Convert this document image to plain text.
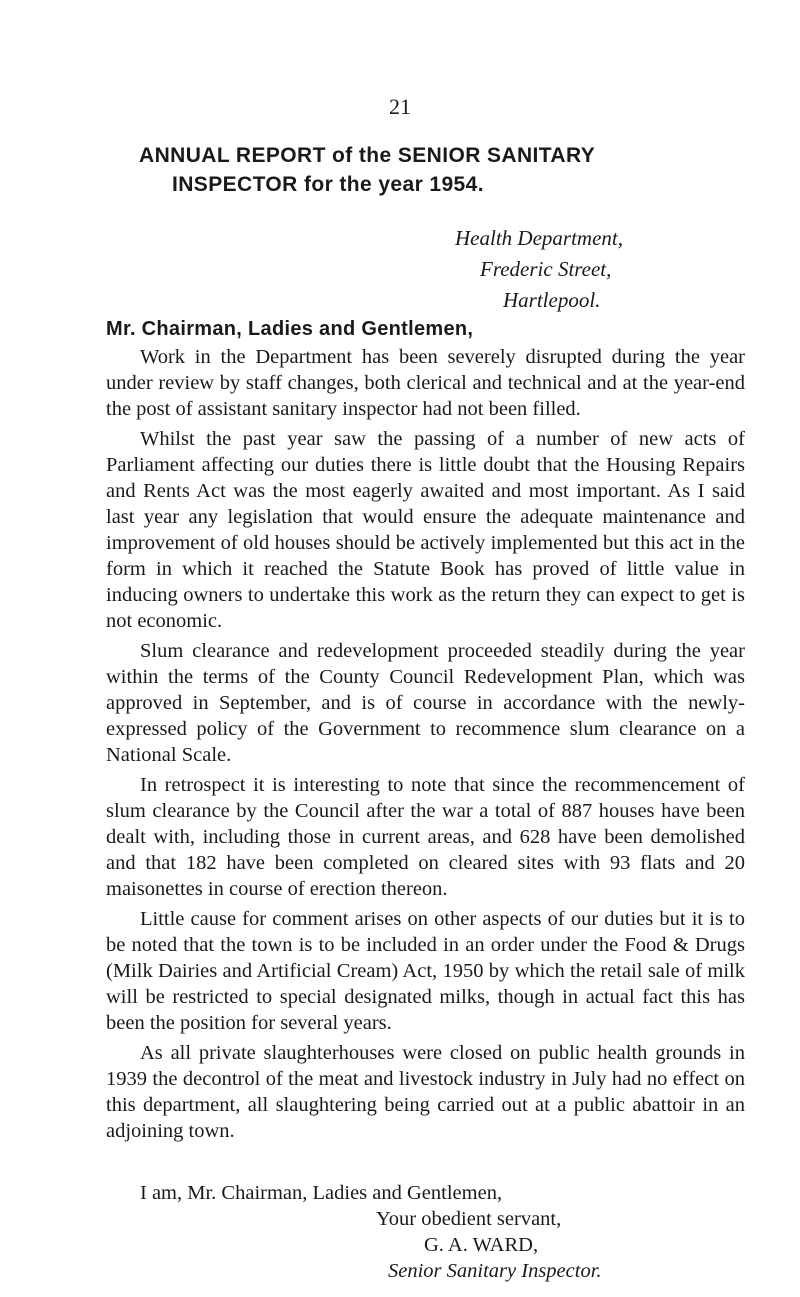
21
ANNUAL REPORT of the SENIOR SANITARY
INSPECTOR for the year 1954.
Health Department,
Frederic Street,
Hartlepool.
Mr. Chairman, Ladies and Gentlemen,

Work in the Department has been severely disrupted during the year under review by staff changes, both clerical and technical and at the year-end the post of assistant sanitary inspector had not been filled.

Whilst the past year saw the passing of a number of new acts of Parliament affecting our duties there is little doubt that the Housing Repairs and Rents Act was the most eagerly awaited and most important. As I said last year any legislation that would ensure the adequate maintenance and improvement of old houses should be actively implemented but this act in the form in which it reached the Statute Book has proved of little value in inducing owners to undertake this work as the return they can expect to get is not economic.

Slum clearance and redevelopment proceeded steadily during the year within the terms of the County Council Redevelopment Plan, which was approved in September, and is of course in accordance with the newly-expressed policy of the Government to recommence slum clearance on a National Scale.

In retrospect it is interesting to note that since the recommencement of slum clearance by the Council after the war a total of 887 houses have been dealt with, including those in current areas, and 628 have been demolished and that 182 have been completed on cleared sites with 93 flats and 20 maisonettes in course of erection thereon.

Little cause for comment arises on other aspects of our duties but it is to be noted that the town is to be included in an order under the Food & Drugs (Milk Dairies and Artificial Cream) Act, 1950 by which the retail sale of milk will be restricted to special designated milks, though in actual fact this has been the position for several years.

As all private slaughterhouses were closed on public health grounds in 1939 the decontrol of the meat and livestock industry in July had no effect on this department, all slaughtering being carried out at a public abattoir in an adjoining town.

I am, Mr. Chairman, Ladies and Gentlemen,
Your obedient servant,
G. A. WARD,
Senior Sanitary Inspector.
